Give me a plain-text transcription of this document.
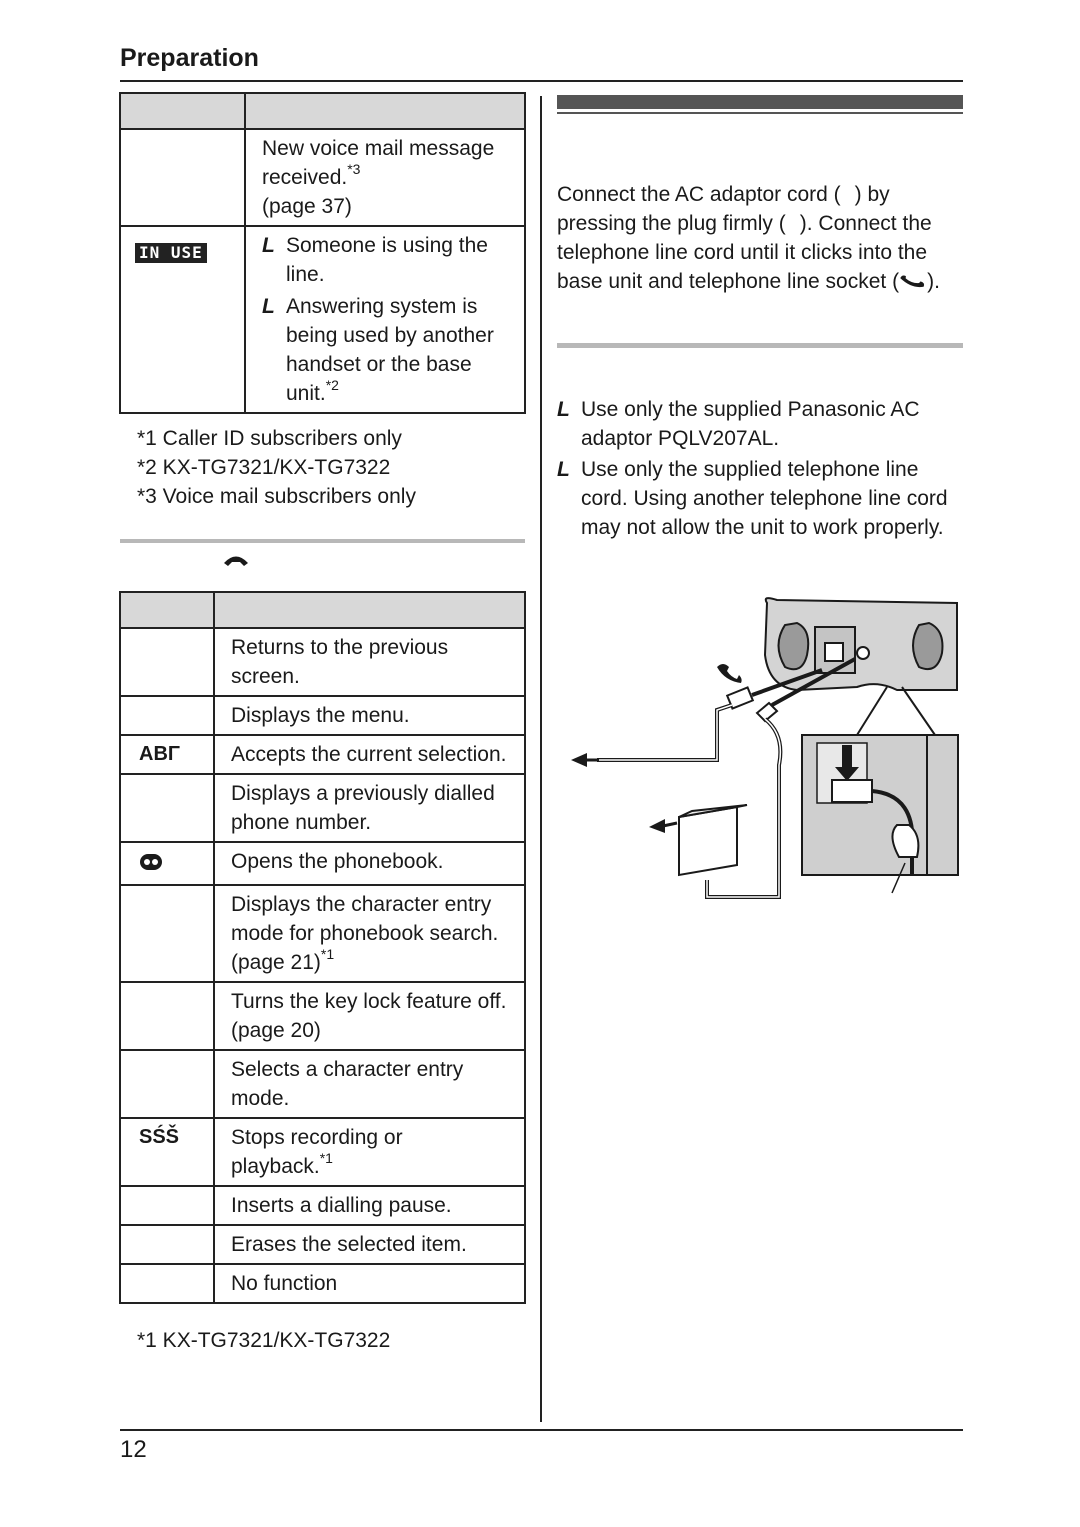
Preparation

	New voice mail message received.$^{*3}$
(page 37)
IN USE	L Someone is using the line.
L Answering system is being used by another handset or the base unit.$^{*2}$
*1 Caller ID subscribers only
*2 KX-TG7321/KX-TG7322
*3 Voice mail subscribers only

	Returns to the previous screen.
	Displays the menu.
ΑΒΓ	Accepts the current selection.
	Displays a previously dialled phone number.
	Opens the phonebook.
	Displays the character entry mode for phonebook search. (page 21)$^{*1}$
	Turns the key lock feature off. (page 20)
	Selects a character entry mode.
SŚŠ	Stops recording or playback.$^{*1}$
	Inserts a dialling pause.
	Erases the selected item.
	No function
*1 KX-TG7321/KX-TG7322
Connect the AC adaptor cord ( ) by pressing the plug firmly ( ). Connect the telephone line cord until it clicks into the base unit and telephone line socket ( ).
L Use only the supplied Panasonic AC adaptor PQLV207AL.
L Use only the supplied telephone line cord. Using another telephone line cord may not allow the unit to work properly.
12
